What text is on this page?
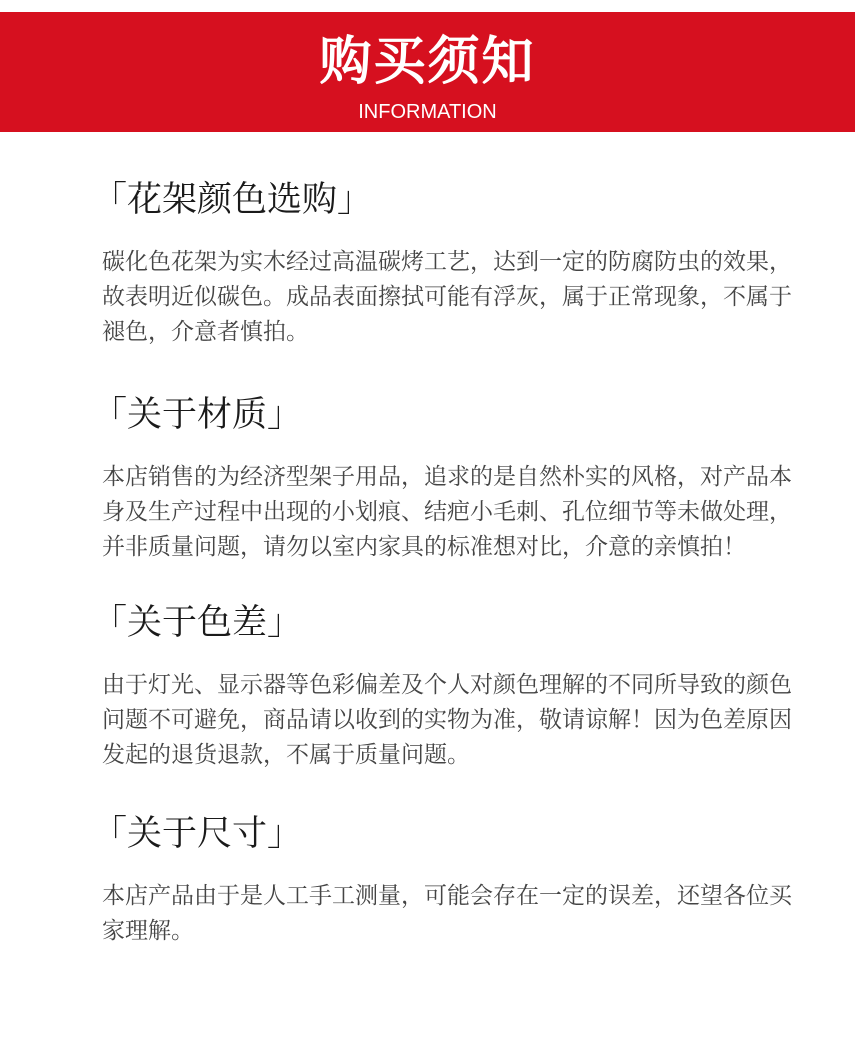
购买须知
INFORMATION
「花架颜色选购」

碳化色花架为实木经过高温碳烤工艺，达到一定的防腐防虫的效果，故表明近似碳色。成品表面擦拭可能有浮灰，属于正常现象，不属于褪色，介意者慎拍。

「关于材质」

本店销售的为经济型架子用品，追求的是自然朴实的风格，对产品本身及生产过程中出现的小划痕、结疤小毛刺、孔位细节等未做处理，并非质量问题，请勿以室内家具的标准想对比，介意的亲慎拍！

「关于色差」

由于灯光、显示器等色彩偏差及个人对颜色理解的不同所导致的颜色问题不可避免，商品请以收到的实物为准，敬请谅解！因为色差原因发起的退货退款，不属于质量问题。

「关于尺寸」

本店产品由于是人工手工测量，可能会存在一定的误差，还望各位买家理解。
